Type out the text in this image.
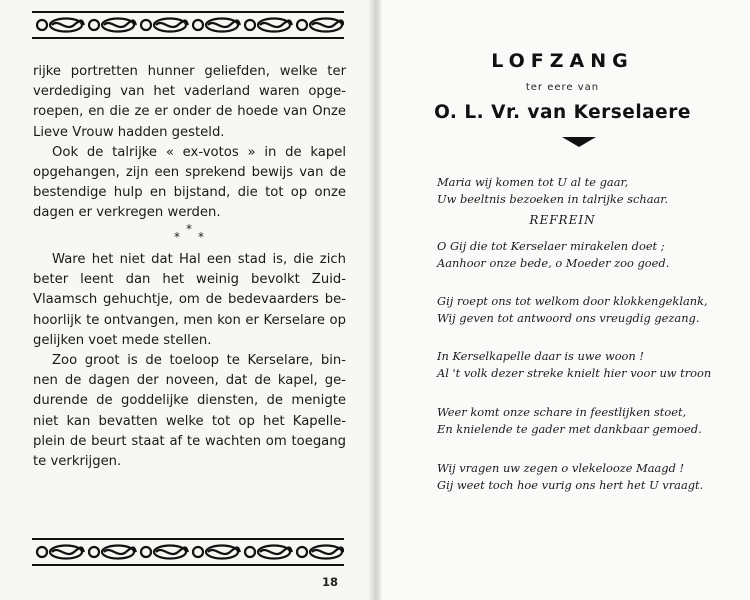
rijke portretten hunner geliefden, welke ter verdediging van het vaderland waren opge- roepen, en die ze er onder de hoede van Onze Lieve Vrouw hadden gesteld.

Ook de talrijke « ex-votos » in de kapel opgehangen, zijn een sprekend bewijs van de bestendige hulp en bijstand, die tot op onze dagen er verkregen werden.

*
* *

Ware het niet dat Hal een stad is, die zich beter leent dan het weinig bevolkt Zuid- Vlaamsch gehuchtje, om de bedevaarders be- hoorlijk te ontvangen, men kon er Kerselare op gelijken voet mede stellen.

Zoo groot is de toeloop te Kerselare, bin- nen de dagen der noveen, dat de kapel, ge- durende de goddelijke diensten, de menigte niet kan bevatten welke tot op het Kapelle- plein de beurt staat af te wachten om toegang te verkrijgen.

18
LOFZANG
ter eere van
O. L. Vr. van Kerselaere
Maria wij komen tot U al te gaar,
Uw beeltnis bezoeken in talrijke schaar.
REFREIN
O Gij die tot Kerselaer mirakelen doet ;
Aanhoor onze bede, o Moeder zoo goed.
Gij roept ons tot welkom door klokkengeklank,
Wij geven tot antwoord ons vreugdig gezang.
In Kerselkapelle daar is uwe woon !
Al 't volk dezer streke knielt hier voor uw troon
Weer komt onze schare in feestlijken stoet,
En knielende te gader met dankbaar gemoed.
Wij vragen uw zegen o vlekelooze Maagd !
Gij weet toch hoe vurig ons hert het U vraagt.
